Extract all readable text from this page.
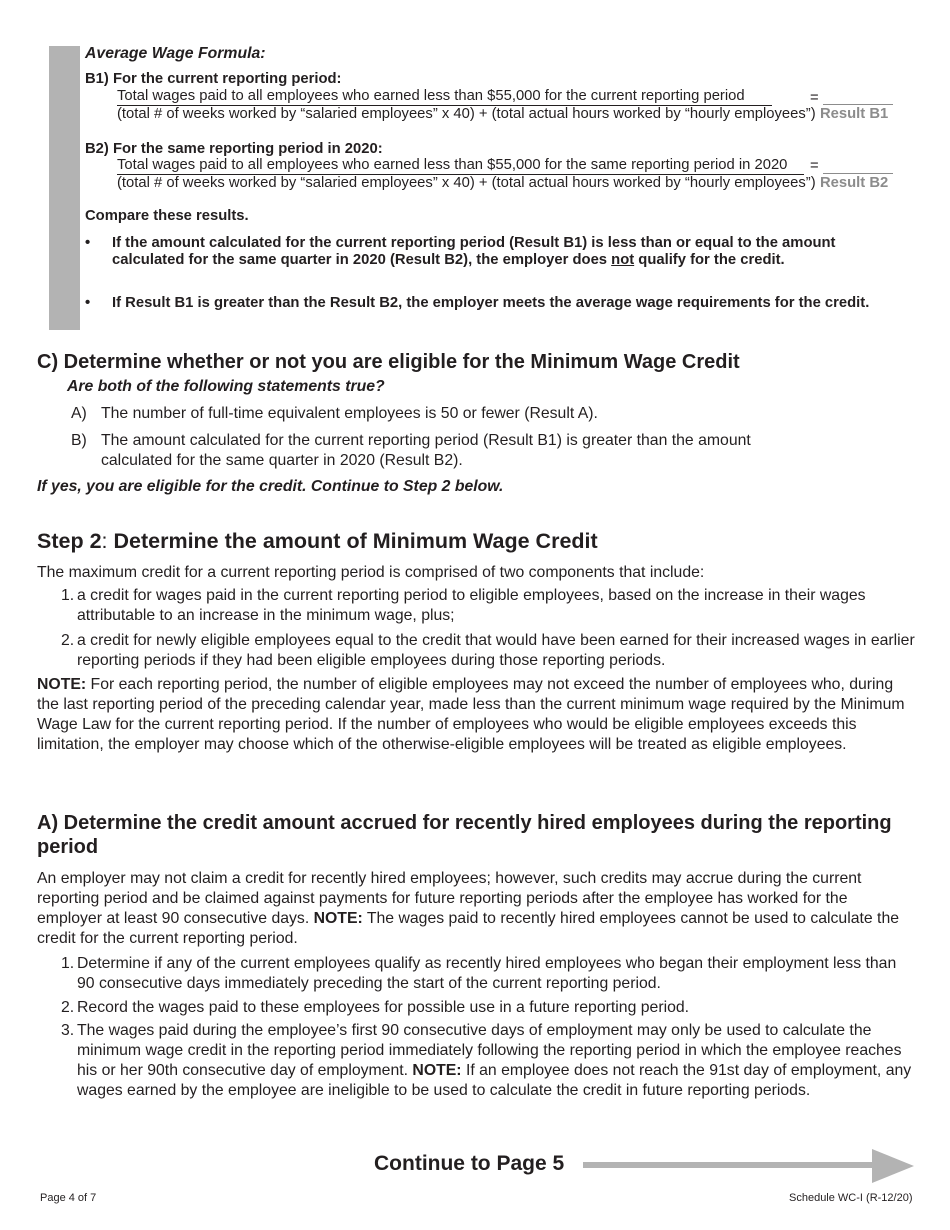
Average Wage Formula:
B1) For the current reporting period:
Total wages paid to all employees who earned less than $55,000 for the current reporting period
(total # of weeks worked by “salaried employees” x 40) + (total actual hours worked by “hourly employees”)
=
Result B1
B2) For the same reporting period in 2020:
Total wages paid to all employees who earned less than $55,000 for the same reporting period in 2020
(total # of weeks worked by “salaried employees” x 40) + (total actual hours worked by “hourly employees”)
=
Result B2
Compare these results.
• If the amount calculated for the current reporting period (Result B1) is less than or equal to the amount calculated for the same quarter in 2020 (Result B2), the employer does not qualify for the credit.
• If Result B1 is greater than the Result B2, the employer meets the average wage requirements for the credit.
C) Determine whether or not you are eligible for the Minimum Wage Credit
Are both of the following statements true?
A) The number of full-time equivalent employees is 50 or fewer (Result A).
B) The amount calculated for the current reporting period (Result B1) is greater than the amount calculated for the same quarter in 2020 (Result B2).
If yes, you are eligible for the credit. Continue to Step 2 below.
Step 2: Determine the amount of Minimum Wage Credit
The maximum credit for a current reporting period is comprised of two components that include:
1. a credit for wages paid in the current reporting period to eligible employees, based on the increase in their wages attributable to an increase in the minimum wage, plus;
2. a credit for newly eligible employees equal to the credit that would have been earned for their increased wages in earlier reporting periods if they had been eligible employees during those reporting periods.
NOTE: For each reporting period, the number of eligible employees may not exceed the number of employees who, during the last reporting period of the preceding calendar year, made less than the current minimum wage required by the Minimum Wage Law for the current reporting period. If the number of employees who would be eligible employees exceeds this limitation, the employer may choose which of the otherwise-eligible employees will be treated as eligible employees.
A) Determine the credit amount accrued for recently hired employees during the reporting period
An employer may not claim a credit for recently hired employees; however, such credits may accrue during the current reporting period and be claimed against payments for future reporting periods after the employee has worked for the employer at least 90 consecutive days. NOTE: The wages paid to recently hired employees cannot be used to calculate the credit for the current reporting period.
1. Determine if any of the current employees qualify as recently hired employees who began their employment less than 90 consecutive days immediately preceding the start of the current reporting period.
2. Record the wages paid to these employees for possible use in a future reporting period.
3. The wages paid during the employee’s first 90 consecutive days of employment may only be used to calculate the minimum wage credit in the reporting period immediately following the reporting period in which the employee reaches his or her 90th consecutive day of employment. NOTE: If an employee does not reach the 91st day of employment, any wages earned by the employee are ineligible to be used to calculate the credit in future reporting periods.
Continue to Page 5
Page 4 of 7	Schedule WC-I (R-12/20)
